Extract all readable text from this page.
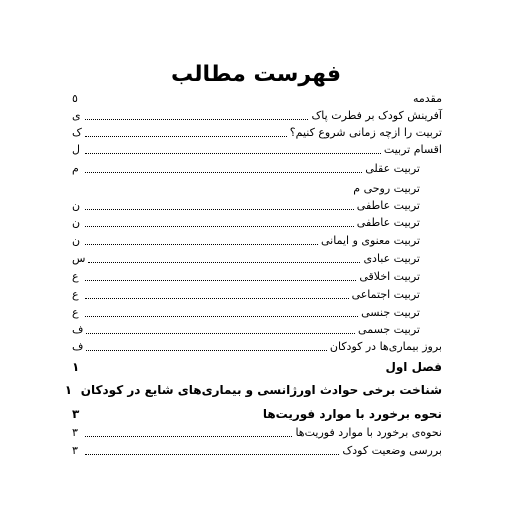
فهرست مطالب
مقدمه
٥
آفرینش کودک بر فطرت پاک
ی
تربیت را ازچه زمانی شروع کنیم؟
ک
اقسام تربیت
ل
تربیت عقلی
م
تربیت روحی م
تربیت عاطفی
ن
تربیت عاطفی
ن
تربیت معنوی و ایمانی
ن
تربیت عبادی
س
تربیت اخلاقی
ع
تربیت اجتماعی
ع
تربیت جنسی
ع
تربیت جسمی
ف
بروز بیماری‌ها در کودکان
ف
فصل اول
١
شناخت برخی حوادث اورژانسی و بیماری‌های شایع در کودکان
١
نحوه برخورد با موارد فوریت‌ها
٣
نحوه‌ی برخورد با موارد فوریت‌ها
٣
بررسی وضعیت کودک
٣
